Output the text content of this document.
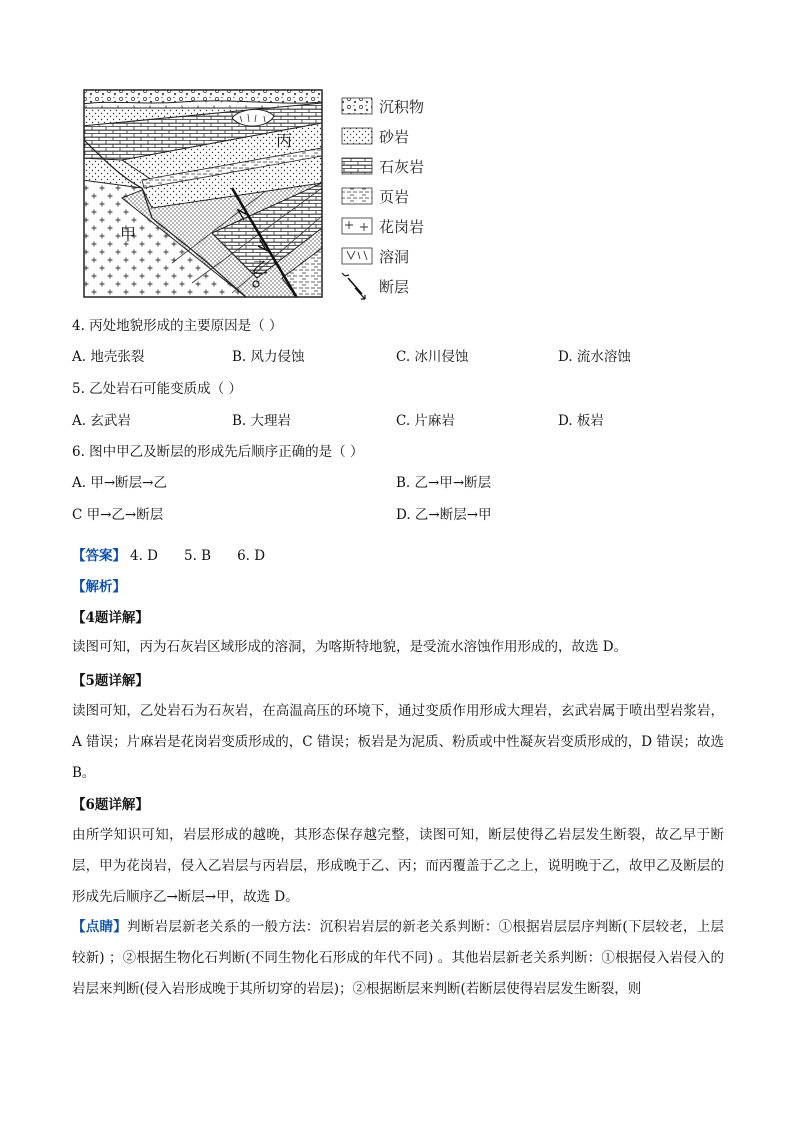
甲
乙
丙
沉积物
砂岩
石灰岩
页岩
花岗岩
溶洞
断层
4. 丙处地貌形成的主要原因是（ ）
A. 地壳张裂	B. 风力侵蚀	C. 冰川侵蚀	D. 流水溶蚀
5. 乙处岩石可能变质成（ ）
A. 玄武岩	B. 大理岩	C. 片麻岩	D. 板岩
6. 图中甲乙及断层的形成先后顺序正确的是（ ）
A. 甲→断层→乙	B. 乙→甲→断层
C 甲→乙→断层	D. 乙→断层→甲
【答案】 4. D 5. B 6. D
【解析】
【4题详解】
读图可知，丙为石灰岩区域形成的溶洞，为喀斯特地貌，是受流水溶蚀作用形成的，故选 D。
【5题详解】
读图可知，乙处岩石为石灰岩，在高温高压的环境下，通过变质作用形成大理岩，玄武岩属于喷出型岩浆岩，A 错误；片麻岩是花岗岩变质形成的，C 错误；板岩是为泥质、粉质或中性凝灰岩变质形成的，D 错误；故选 B。
【6题详解】
由所学知识可知，岩层形成的越晚，其形态保存越完整，读图可知，断层使得乙岩层发生断裂，故乙早于断层，甲为花岗岩，侵入乙岩层与丙岩层，形成晚于乙、丙；而丙覆盖于乙之上，说明晚于乙，故甲乙及断层的形成先后顺序乙→断层→甲，故选 D。
【点睛】判断岩层新老关系的一般方法：沉积岩岩层的新老关系判断：①根据岩层层序判断(下层较老，上层较新) ；②根据生物化石判断(不同生物化石形成的年代不同) 。其他岩层新老关系判断：①根据侵入岩侵入的岩层来判断(侵入岩形成晚于其所切穿的岩层)；②根据断层来判断(若断层使得岩层发生断裂，则
